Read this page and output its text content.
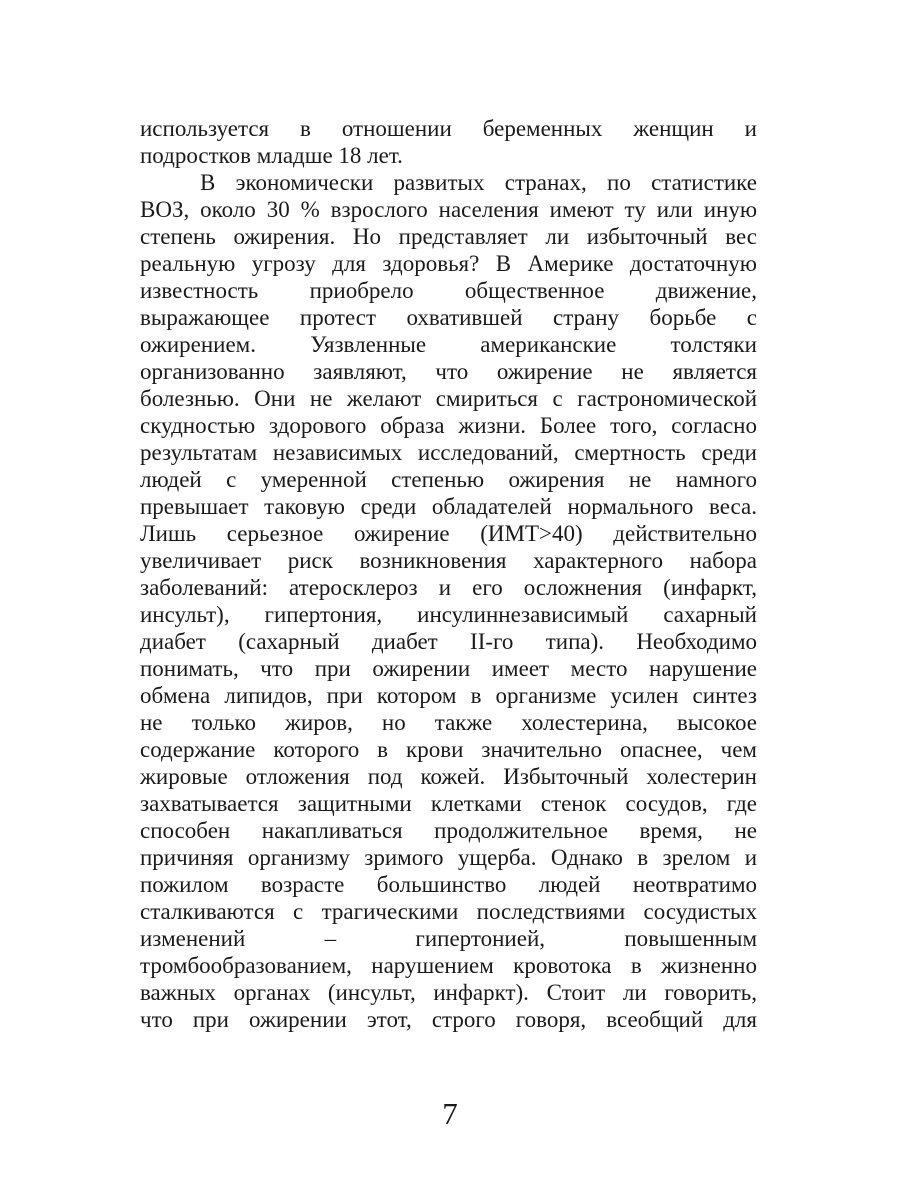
используется в отношении беременных женщин и
подростков младше 18 лет.
В экономически развитых странах, по статистике
ВОЗ, около 30 % взрослого населения имеют ту или иную
степень ожирения. Но представляет ли избыточный вес
реальную угрозу для здоровья? В Америке достаточную
известность приобрело общественное движение,
выражающее протест охватившей страну борьбе с
ожирением. Уязвленные американские толстяки
организованно заявляют, что ожирение не является
болезнью. Они не желают смириться с гастрономической
скудностью здорового образа жизни. Более того, согласно
результатам независимых исследований, смертность среди
людей с умеренной степенью ожирения не намного
превышает таковую среди обладателей нормального веса.
Лишь серьезное ожирение (ИМТ>40) действительно
увеличивает риск возникновения характерного набора
заболеваний: атеросклероз и его осложнения (инфаркт,
инсульт), гипертония, инсулиннезависимый сахарный
диабет (сахарный диабет II-го типа). Необходимо
понимать, что при ожирении имеет место нарушение
обмена липидов, при котором в организме усилен синтез
не только жиров, но также холестерина, высокое
содержание которого в крови значительно опаснее, чем
жировые отложения под кожей. Избыточный холестерин
захватывается защитными клетками стенок сосудов, где
способен накапливаться продолжительное время, не
причиняя организму зримого ущерба. Однако в зрелом и
пожилом возрасте большинство людей неотвратимо
сталкиваются с трагическими последствиями сосудистых
изменений – гипертонией, повышенным
тромбообразованием, нарушением кровотока в жизненно
важных органах (инсульт, инфаркт). Стоит ли говорить,
что при ожирении этот, строго говоря, всеобщий для
7
